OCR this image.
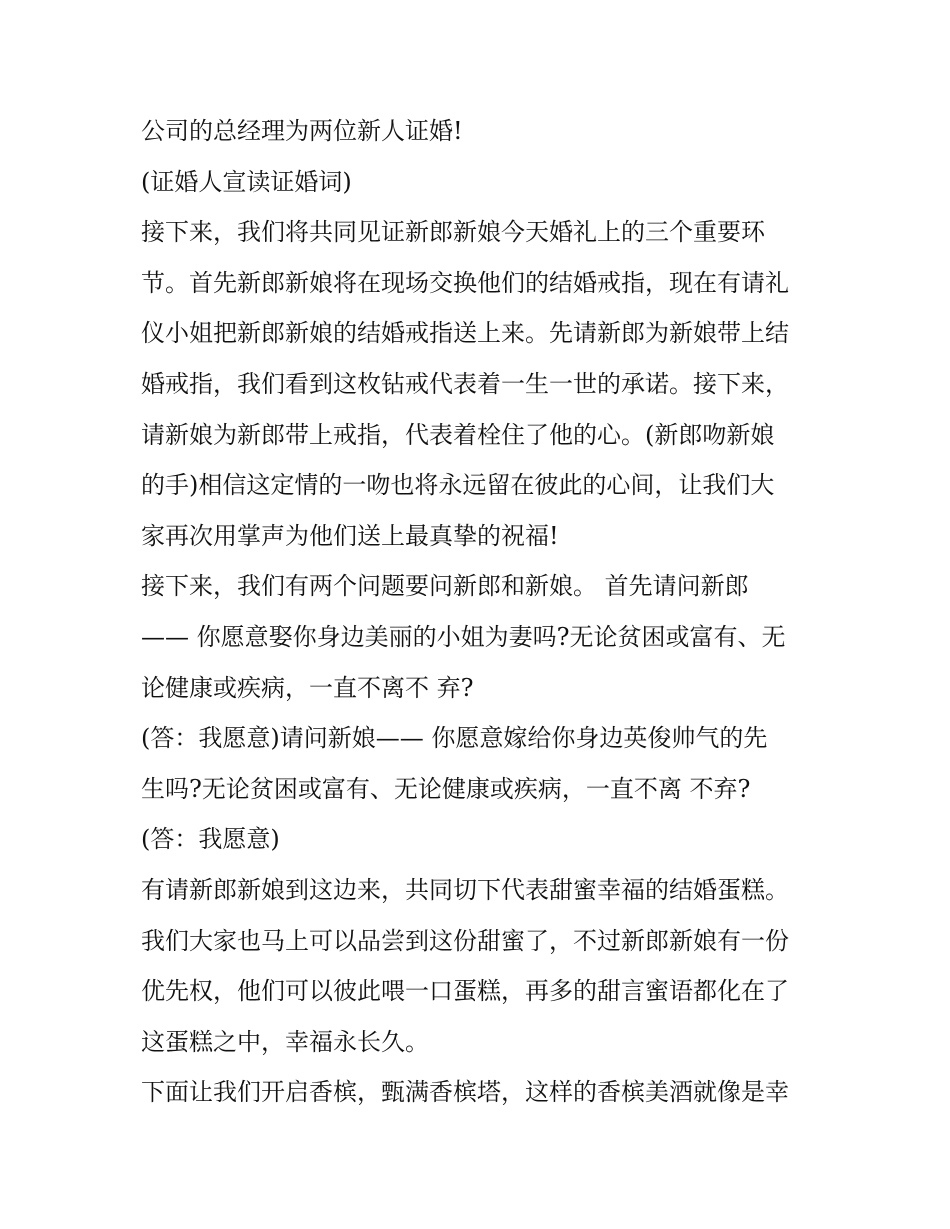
公司的总经理为两位新人证婚!
(证婚人宣读证婚词)
接下来，我们将共同见证新郎新娘今天婚礼上的三个重要环
节。首先新郎新娘将在现场交换他们的结婚戒指，现在有请礼
仪小姐把新郎新娘的结婚戒指送上来。先请新郎为新娘带上结
婚戒指，我们看到这枚钻戒代表着一生一世的承诺。接下来，
请新娘为新郎带上戒指，代表着栓住了他的心。(新郎吻新娘
的手)相信这定情的一吻也将永远留在彼此的心间，让我们大
家再次用掌声为他们送上最真挚的祝福!
接下来，我们有两个问题要问新郎和新娘。 首先请问新郎
—— 你愿意娶你身边美丽的小姐为妻吗?无论贫困或富有、无
论健康或疾病，一直不离不 弃?
(答：我愿意)请问新娘—— 你愿意嫁给你身边英俊帅气的先
生吗?无论贫困或富有、无论健康或疾病，一直不离 不弃?
(答：我愿意)
有请新郎新娘到这边来，共同切下代表甜蜜幸福的结婚蛋糕。
我们大家也马上可以品尝到这份甜蜜了，不过新郎新娘有一份
优先权，他们可以彼此喂一口蛋糕，再多的甜言蜜语都化在了
这蛋糕之中，幸福永长久。
下面让我们开启香槟，甄满香槟塔，这样的香槟美酒就像是幸
